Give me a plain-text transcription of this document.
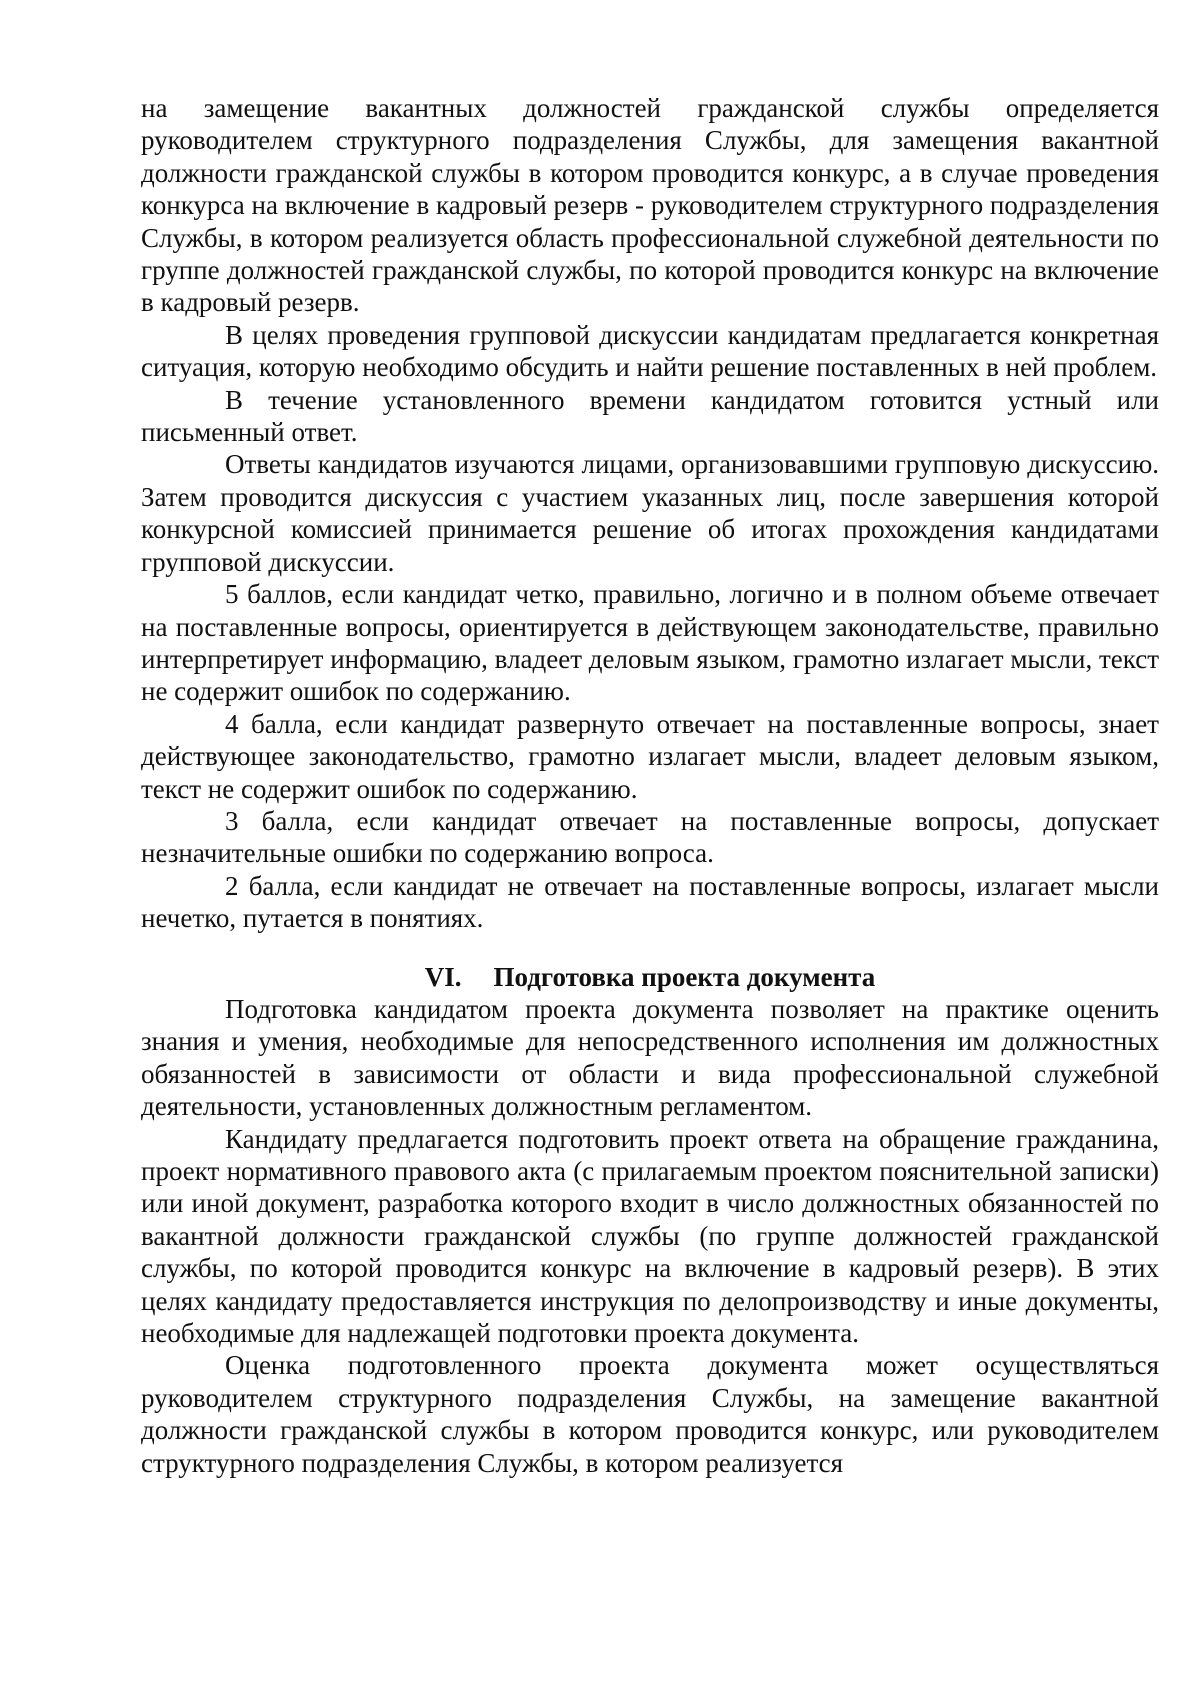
на замещение вакантных должностей гражданской службы определяется руководителем структурного подразделения Службы, для замещения вакантной должности гражданской службы в котором проводится конкурс, а в случае проведения конкурса на включение в кадровый резерв - руководителем структурного подразделения Службы, в котором реализуется область профессиональной служебной деятельности по группе должностей гражданской службы, по которой проводится конкурс на включение в кадровый резерв.

В целях проведения групповой дискуссии кандидатам предлагается конкретная ситуация, которую необходимо обсудить и найти решение поставленных в ней проблем.

В течение установленного времени кандидатом готовится устный или письменный ответ.

Ответы кандидатов изучаются лицами, организовавшими групповую дискуссию. Затем проводится дискуссия с участием указанных лиц, после завершения которой конкурсной комиссией принимается решение об итогах прохождения кандидатами групповой дискуссии.

5 баллов, если кандидат четко, правильно, логично и в полном объеме отвечает на поставленные вопросы, ориентируется в действующем законодательстве, правильно интерпретирует информацию, владеет деловым языком, грамотно излагает мысли, текст не содержит ошибок по содержанию.

4 балла, если кандидат развернуто отвечает на поставленные вопросы, знает действующее законодательство, грамотно излагает мысли, владеет деловым языком, текст не содержит ошибок по содержанию.

3 балла, если кандидат отвечает на поставленные вопросы, допускает незначительные ошибки по содержанию вопроса.

2 балла, если кандидат не отвечает на поставленные вопросы, излагает мысли нечетко, путается в понятиях.

VI. Подготовка проекта документа

Подготовка кандидатом проекта документа позволяет на практике оценить знания и умения, необходимые для непосредственного исполнения им должностных обязанностей в зависимости от области и вида профессиональной служебной деятельности, установленных должностным регламентом.

Кандидату предлагается подготовить проект ответа на обращение гражданина, проект нормативного правового акта (с прилагаемым проектом пояснительной записки) или иной документ, разработка которого входит в число должностных обязанностей по вакантной должности гражданской службы (по группе должностей гражданской службы, по которой проводится конкурс на включение в кадровый резерв). В этих целях кандидату предоставляется инструкция по делопроизводству и иные документы, необходимые для надлежащей подготовки проекта документа.

Оценка подготовленного проекта документа может осуществляться руководителем структурного подразделения Службы, на замещение вакантной должности гражданской службы в котором проводится конкурс, или руководителем структурного подразделения Службы, в котором реализуется
